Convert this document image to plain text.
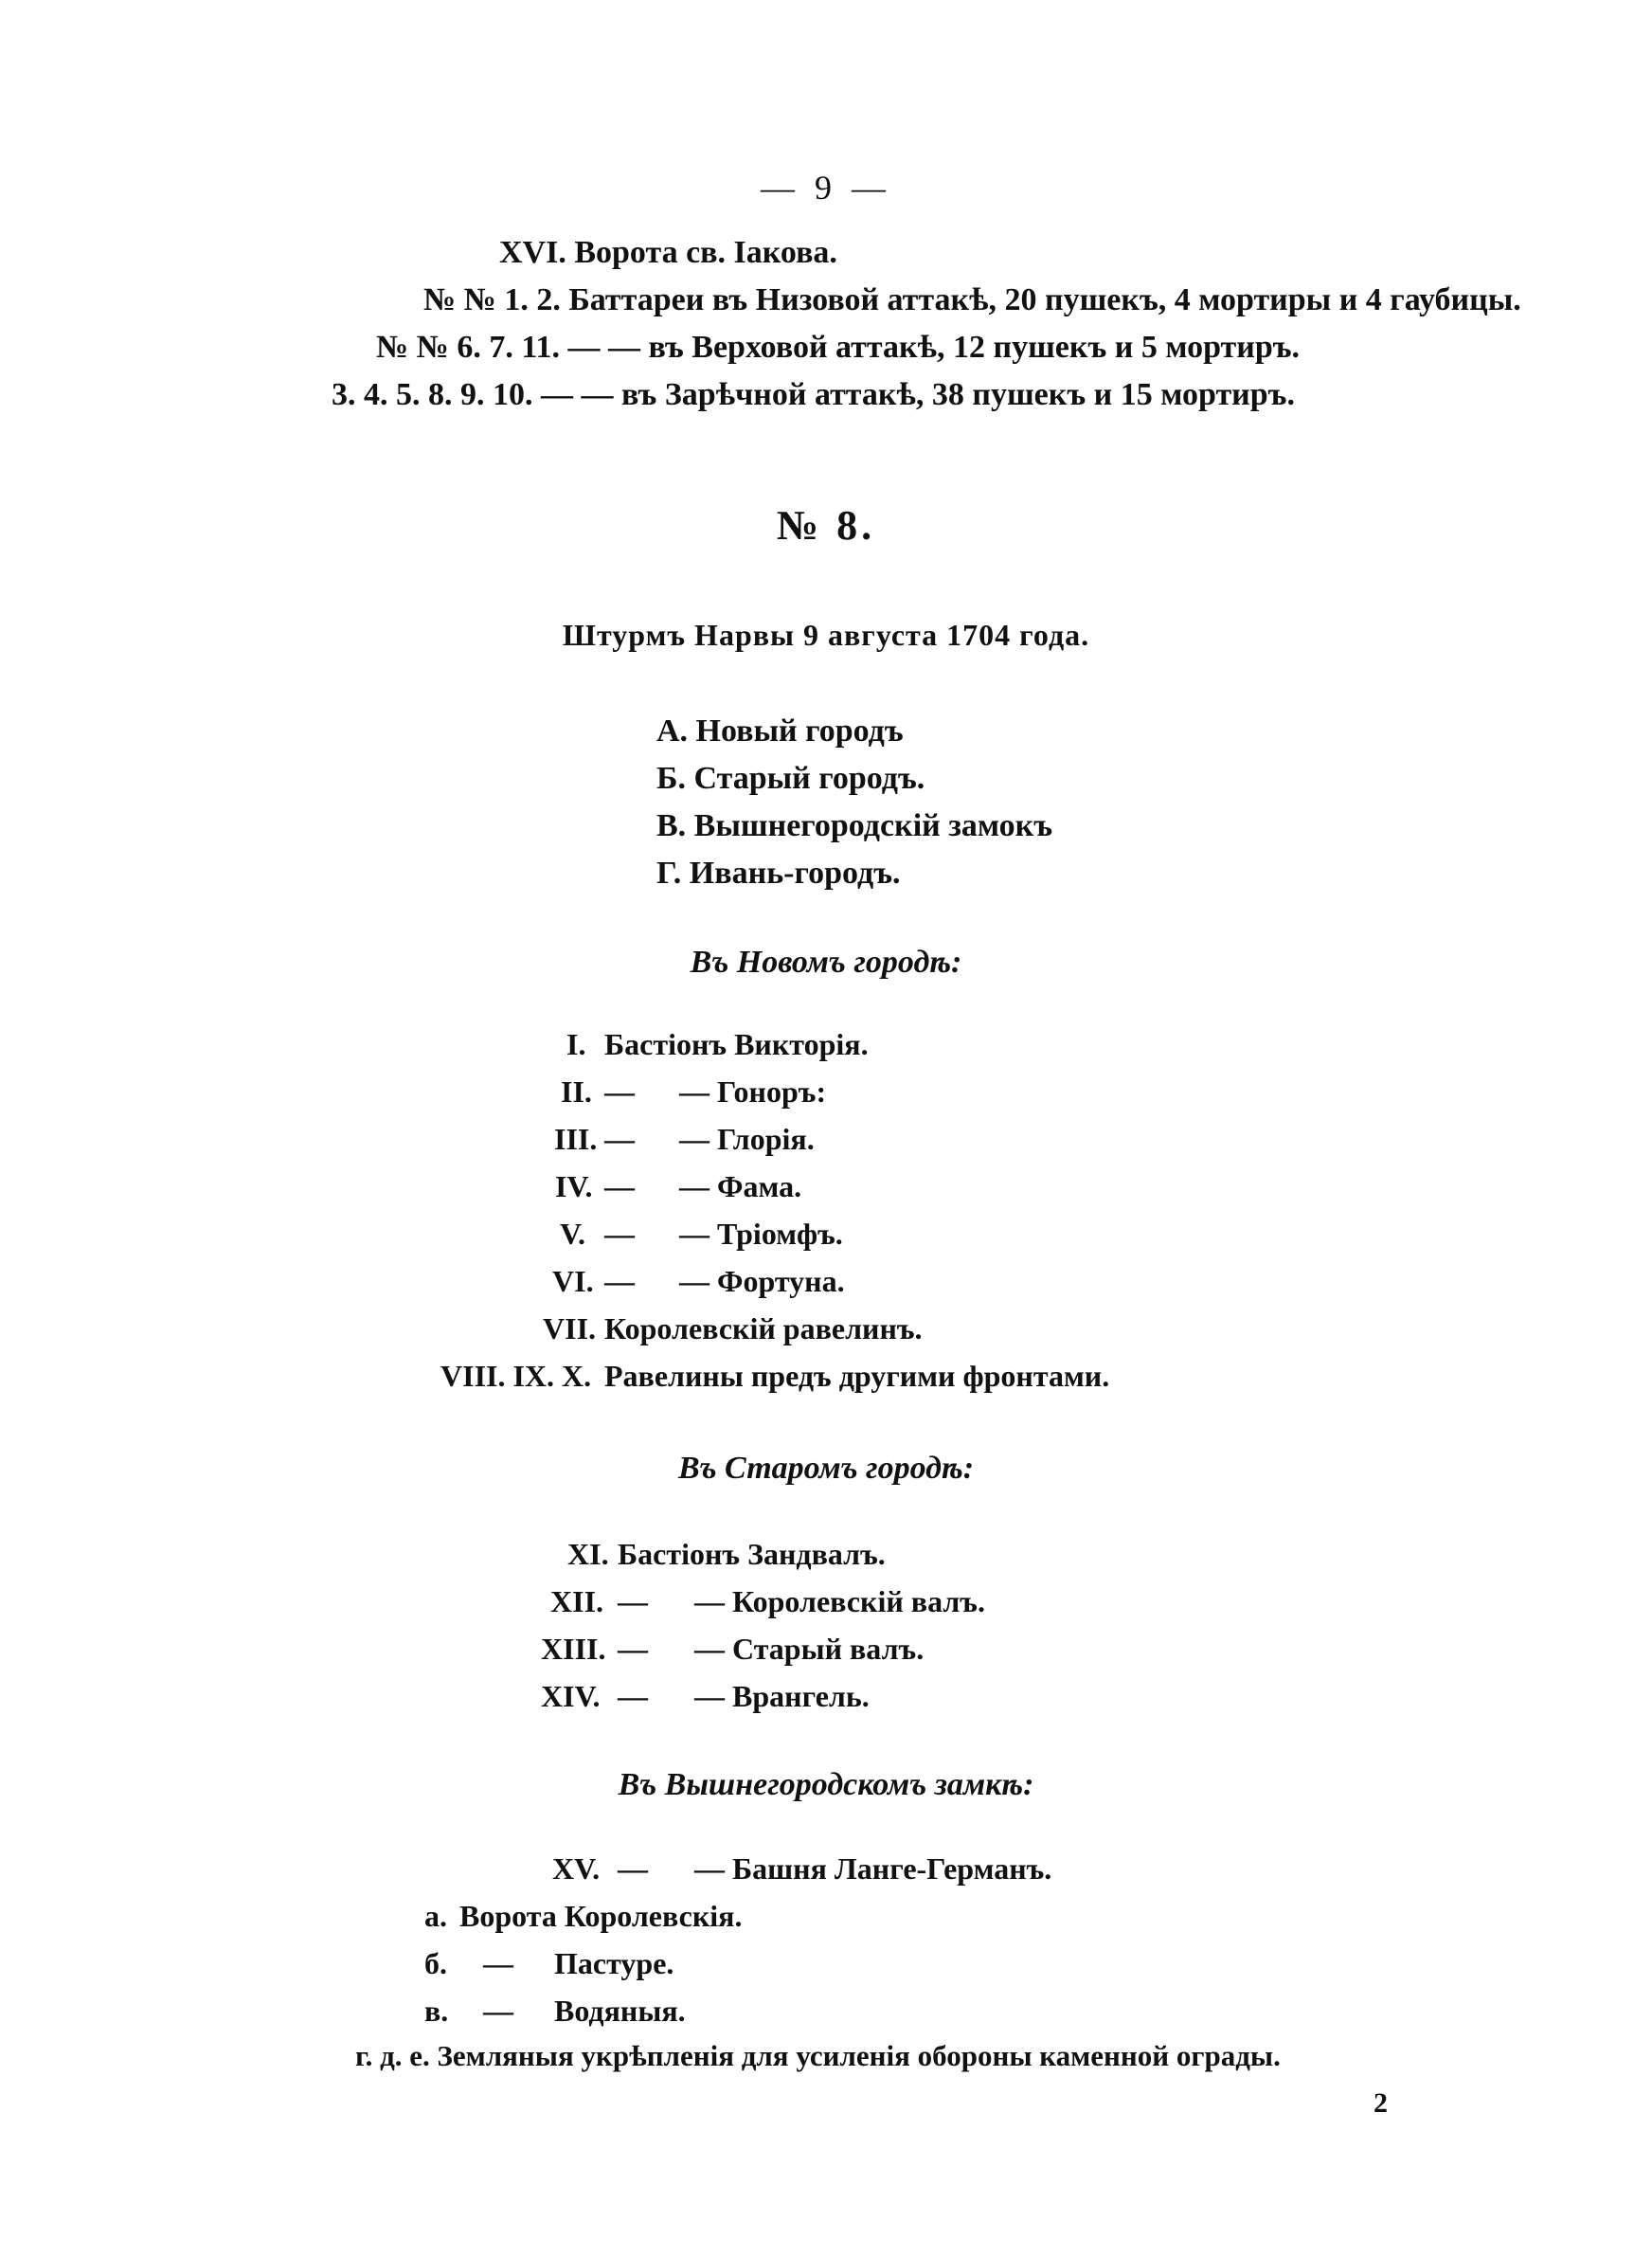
— 9 —
XVI. Ворота св. Іакова.
№ № 1. 2. Баттареи въ Низовой аттакѣ, 20 пушекъ, 4 мортиры и 4 гаубицы.
№ № 6. 7. 11. — — въ Верховой аттакѣ, 12 пушекъ и 5 мортиръ.
3. 4. 5. 8. 9. 10. — — въ Зарѣчной аттакѣ, 38 пушекъ и 15 мортиръ.
№ 8.
Штурмъ Нарвы 9 августа 1704 года.
А. Новый городъ
Б. Старый городъ.
В. Вышнегородскій замокъ
Г. Ивань-городъ.
Въ Новомъ городѣ:
I. Бастіонъ Викторія.
II. — — Гоноръ:
III. — — Глорія.
IV. — — Фама.
V. — — Тріомфъ.
VI. — — Фортуна.
VII. Королевскій равелинъ.
VIII. IX. X. Равелины предъ другими фронтами.
Въ Старомъ городѣ:
XI. Бастіонъ Зандвалъ.
XII. — — Королевскій валъ.
XIII. — — Старый валъ.
XIV. — — Врангель.
Въ Вышнегородскомъ замкѣ:
XV. — — Башня Ланге-Германъ.
а. Ворота Королевскія.
б. — Пастуре.
в. — Водяныя.
г. д. е. Земляныя укрѣпленія для усиленія обороны каменной ограды.
2
